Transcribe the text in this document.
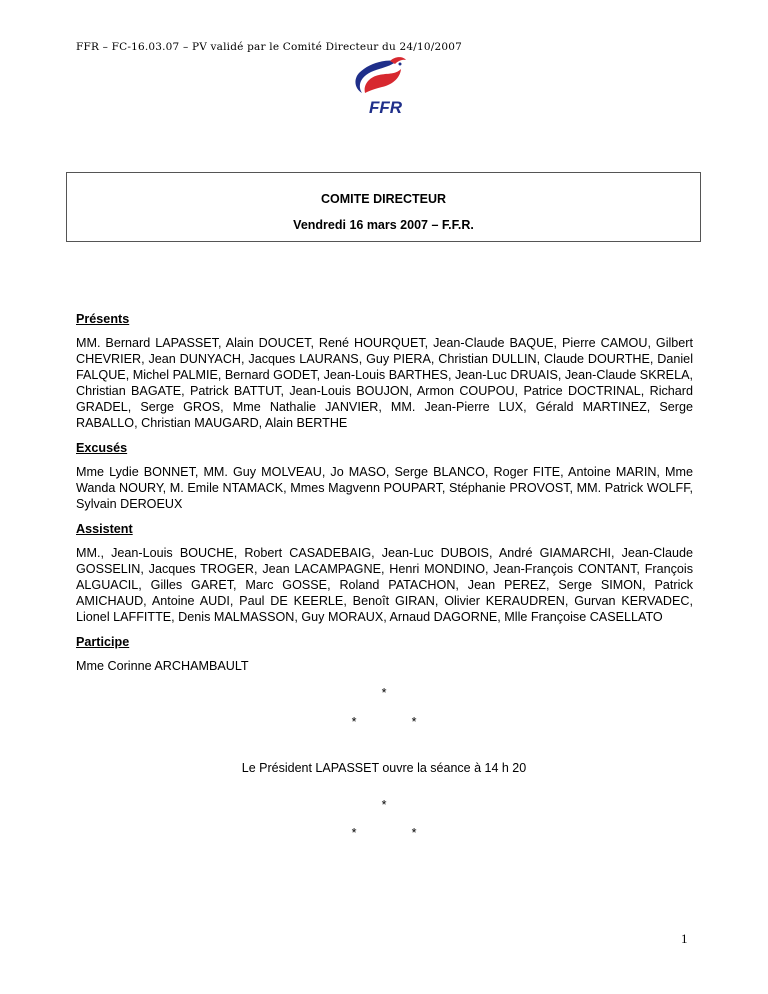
FFR – FC-16.03.07 – PV validé par le Comité Directeur du 24/10/2007
FFR
COMITE DIRECTEUR
Vendredi 16 mars 2007 – F.F.R.

Présents

MM. Bernard LAPASSET, Alain DOUCET, René HOURQUET, Jean-Claude BAQUE, Pierre CAMOU, Gilbert CHEVRIER, Jean DUNYACH, Jacques LAURANS, Guy PIERA, Christian DULLIN, Claude DOURTHE, Daniel FALQUE, Michel PALMIE, Bernard GODET, Jean-Louis BARTHES, Jean-Luc DRUAIS, Jean-Claude SKRELA, Christian BAGATE, Patrick BATTUT, Jean-Louis BOUJON, Armon COUPOU, Patrice DOCTRINAL, Richard GRADEL, Serge GROS, Mme Nathalie JANVIER, MM. Jean-Pierre LUX, Gérald MARTINEZ, Serge RABALLO, Christian MAUGARD, Alain BERTHE

Excusés

Mme Lydie BONNET, MM. Guy MOLVEAU, Jo MASO, Serge BLANCO, Roger FITE, Antoine MARIN, Mme Wanda NOURY, M. Emile NTAMACK, Mmes Magvenn POUPART, Stéphanie PROVOST, MM. Patrick WOLFF, Sylvain DEROEUX

Assistent

MM., Jean-Louis BOUCHE, Robert CASADEBAIG, Jean-Luc DUBOIS, André GIAMARCHI, Jean-Claude GOSSELIN, Jacques TROGER, Jean LACAMPAGNE, Henri MONDINO, Jean-François CONTANT, François ALGUACIL, Gilles GARET, Marc GOSSE, Roland PATACHON, Jean PEREZ, Serge SIMON, Patrick AMICHAUD, Antoine AUDI, Paul DE KEERLE, Benoît GIRAN, Olivier KERAUDREN, Gurvan KERVADEC, Lionel LAFFITTE, Denis MALMASSON, Guy MORAUX, Arnaud DAGORNE, Mlle Françoise CASELLATO

Participe

Mme Corinne ARCHAMBAULT

*
*	*
Le Président LAPASSET ouvre la séance à 14 h 20
*
*	*
1
